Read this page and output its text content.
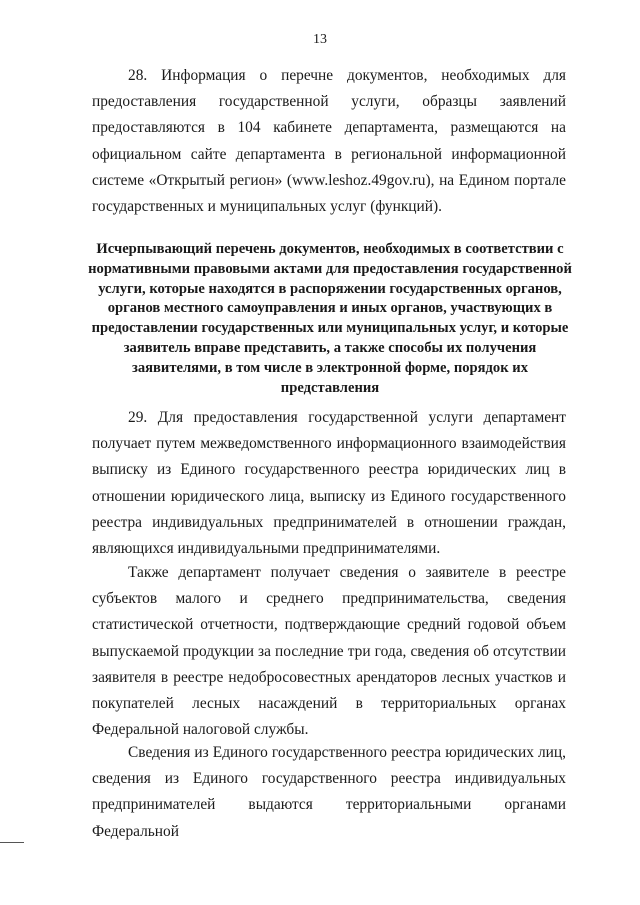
13

28. Информация о перечне документов, необходимых для предоставления государственной услуги, образцы заявлений предоставляются в 104 кабинете департамента, размещаются на официальном сайте департамента в региональной информационной системе «Открытый регион» (www.leshoz.49gov.ru), на Едином портале государственных и муниципальных услуг (функций).

Исчерпывающий перечень документов, необходимых в соответствии с нормативными правовыми актами для предоставления государственной услуги, которые находятся в распоряжении государственных органов, органов местного самоуправления и иных органов, участвующих в предоставлении государственных или муниципальных услуг, и которые заявитель вправе представить, а также способы их получения заявителями, в том числе в электронной форме, порядок их представления

29. Для предоставления государственной услуги департамент получает путем межведомственного информационного взаимодействия выписку из Единого государственного реестра юридических лиц в отношении юридического лица, выписку из Единого государственного реестра индивидуальных предпринимателей в отношении граждан, являющихся индивидуальными предпринимателями.

Также департамент получает сведения о заявителе в реестре субъектов малого и среднего предпринимательства, сведения статистической отчетности, подтверждающие средний годовой объем выпускаемой продукции за последние три года, сведения об отсутствии заявителя в реестре недобросовестных арендаторов лесных участков и покупателей лесных насаждений в территориальных органах Федеральной налоговой службы.

Сведения из Единого государственного реестра юридических лиц, сведения из Единого государственного реестра индивидуальных предпринимателей выдаются территориальными органами Федеральной
